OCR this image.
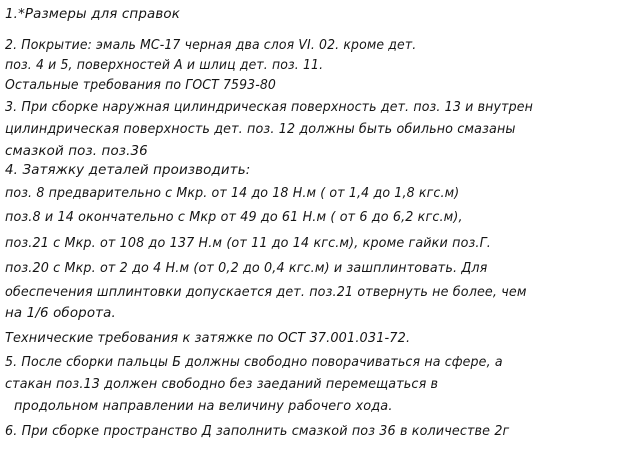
1.*Размеры для справок

2. Покрытие: эмаль МС-17 черная два слоя VI. 02. кроме дет.

поз. 4 и 5, поверхностей А и шлиц дет. поз. 11.

Остальные требования по ГОСТ 7593-80

3. При сборке наружная цилиндрическая поверхность дет. поз. 13 и внутрен

цилиндрическая поверхность дет. поз. 12 должны быть обильно смазаны

смазкой поз. поз.36

4. Затяжку деталей производить:

поз. 8 предварительно с Мкр. от 14 до 18 Н.м ( от 1,4 до 1,8 кгс.м)

поз.8 и 14 окончательно с Мкр от 49 до 61 Н.м ( от 6 до 6,2 кгс.м),

поз.21 с Мкр. от 108 до 137 Н.м (от 11 до 14 кгс.м), кроме гайки поз.Г.

поз.20 с Мкр. от 2 до 4 Н.м (от 0,2 до 0,4 кгс.м) и зашплинтовать. Для

обеспечения шплинтовки допускается дет. поз.21 отвернуть не более, чем

на 1/6 оборота.

Технические требования к затяжке по ОСТ 37.001.031-72.

5. После сборки пальцы Б должны свободно поворачиваться на сфере, а

стакан поз.13 должен свободно без заеданий перемещаться в

продольном направлении на величину рабочего хода.

6. При сборке пространство Д заполнить смазкой поз 36 в количестве 2г
